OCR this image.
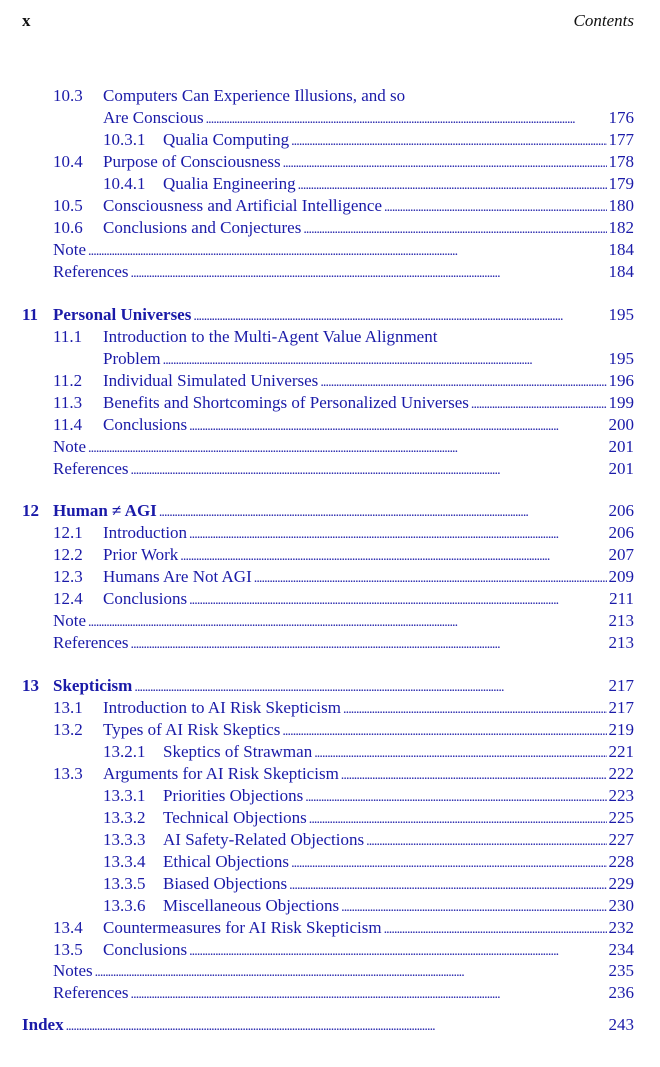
x	Contents
10.3 Computers Can Experience Illusions, and so
Are Conscious . . .	176
10.3.1 Qualia Computing . . .	177
10.4 Purpose of Consciousness . . .	178
10.4.1 Qualia Engineering . . .	179
10.5 Consciousness and Artificial Intelligence . . .	180
10.6 Conclusions and Conjectures . . .	182
Note . . .	184
References . . .	184
11 Personal Universes . . .	195
11.1 Introduction to the Multi-Agent Value Alignment
Problem . . .	195
11.2 Individual Simulated Universes . . .	196
11.3 Benefits and Shortcomings of Personalized Universes . . .	199
11.4 Conclusions . . .	200
Note . . .	201
References . . .	201
12 Human ≠ AGI . . .	206
12.1 Introduction . . .	206
12.2 Prior Work . . .	207
12.3 Humans Are Not AGI . . .	209
12.4 Conclusions . . .	211
Note . . .	213
References . . .	213
13 Skepticism . . .	217
13.1 Introduction to AI Risk Skepticism . . .	217
13.2 Types of AI Risk Skeptics . . .	219
13.2.1 Skeptics of Strawman . . .	221
13.3 Arguments for AI Risk Skepticism . . .	222
13.3.1 Priorities Objections . . .	223
13.3.2 Technical Objections . . .	225
13.3.3 AI Safety-Related Objections . . .	227
13.3.4 Ethical Objections . . .	228
13.3.5 Biased Objections . . .	229
13.3.6 Miscellaneous Objections . . .	230
13.4 Countermeasures for AI Risk Skepticism . . .	232
13.5 Conclusions . . .	234
Notes . . .	235
References . . .	236
Index . . .	243
